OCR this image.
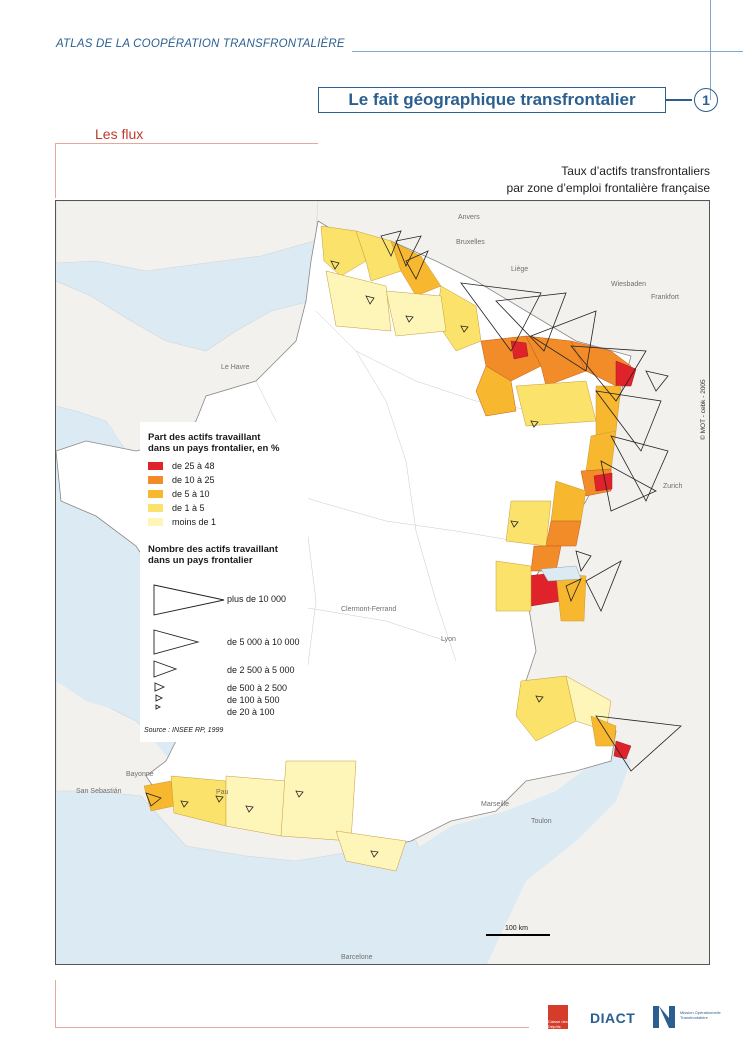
ATLAS DE LA COOPÉRATION TRANSFRONTALIÈRE
Le fait géographique transfrontalier	1
Les flux
Taux d’actifs transfrontaliers
par zone d’emploi frontalière française
Anvers
Bruxelles
Liège
Frankfort
Wiesbaden
Zurich
Marseille
Barcelone
Lyon
Clermont-Ferrand
Bayonne
San Sebastián	Pau
Toulon
Le Havre
Part des actifs travaillant
dans un pays frontalier, en %
de 25 à 48
de 10 à 25
de 5 à 10
de 1 à 5
moins de 1
Nombre des actifs travaillant
dans un pays frontalier
plus de 10 000
de 5 000 à 10 000
de 2 500 à 5 000
de 500 à 2 500
de 100 à 500
de 20 à 100
Source : INSEE RP, 1999
© MOT - cebk - 2005
100 km
Caisse des Dépôts
DIACT	Mission Opérationnelle Transfrontalière
